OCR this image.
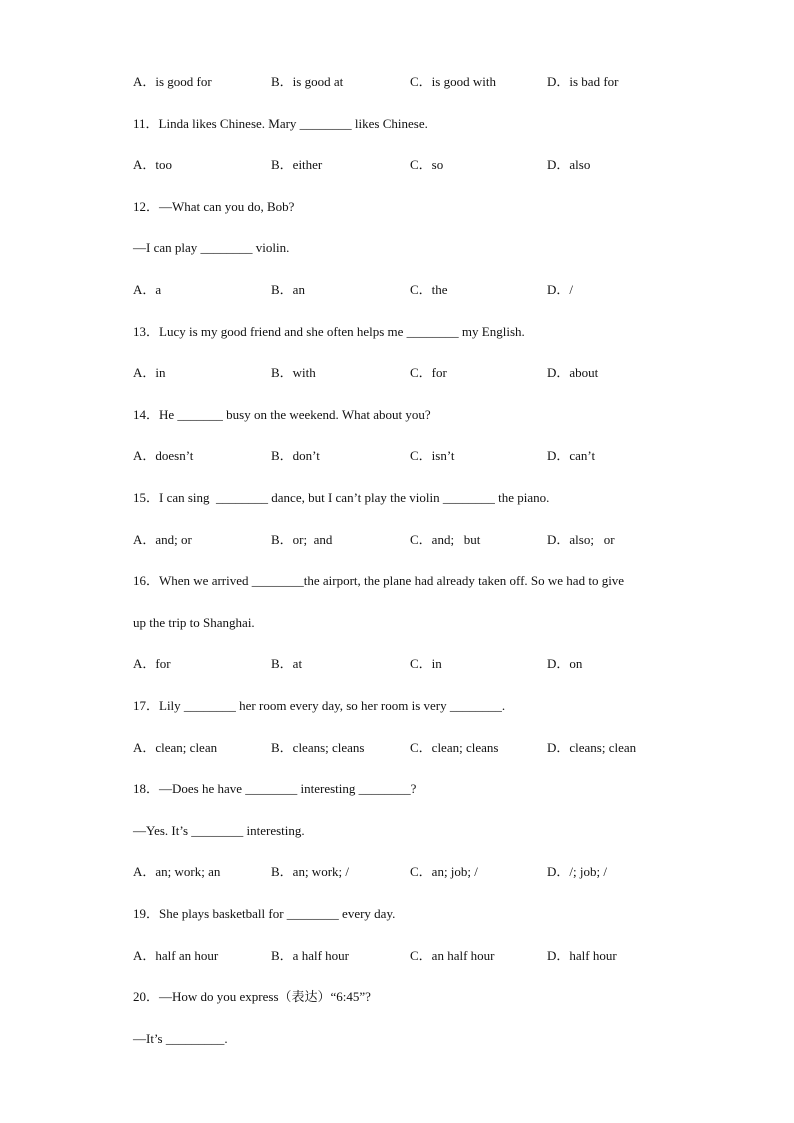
A．is good for	B．is good at	C．is good with	D．is bad for
11．Linda likes Chinese. Mary ________ likes Chinese.
A．too	B．either	C．so	D．also
12．—What can you do, Bob?
—I can play ________ violin.
A．a	B．an	C．the	D．/
13．Lucy is my good friend and she often helps me ________ my English.
A．in	B．with	C．for	D．about
14．He _______ busy on the weekend. What about you?
A．doesn’t	B．don’t	C．isn’t	D．can’t
15．I can sing  ________ dance, but I can’t play the violin ________ the piano.
A．and; or	B．or;  and	C．and;   but	D．also;   or
16．When we arrived ________the airport, the plane had already taken off. So we had to give
up the trip to Shanghai.
A．for	B．at	C．in	D．on
17．Lily ________ her room every day, so her room is very ________.
A．clean; clean	B．cleans; cleans	C．clean; cleans	D．cleans; clean
18．—Does he have ________ interesting ________?
—Yes. It’s ________ interesting.
A．an; work; an	B．an; work; /	C．an; job; /	D．/; job; /
19．She plays basketball for ________ every day.
A．half an hour	B．a half hour	C．an half hour	D．half hour
20．—How do you express（表达）“6:45”?
—It’s _________.
